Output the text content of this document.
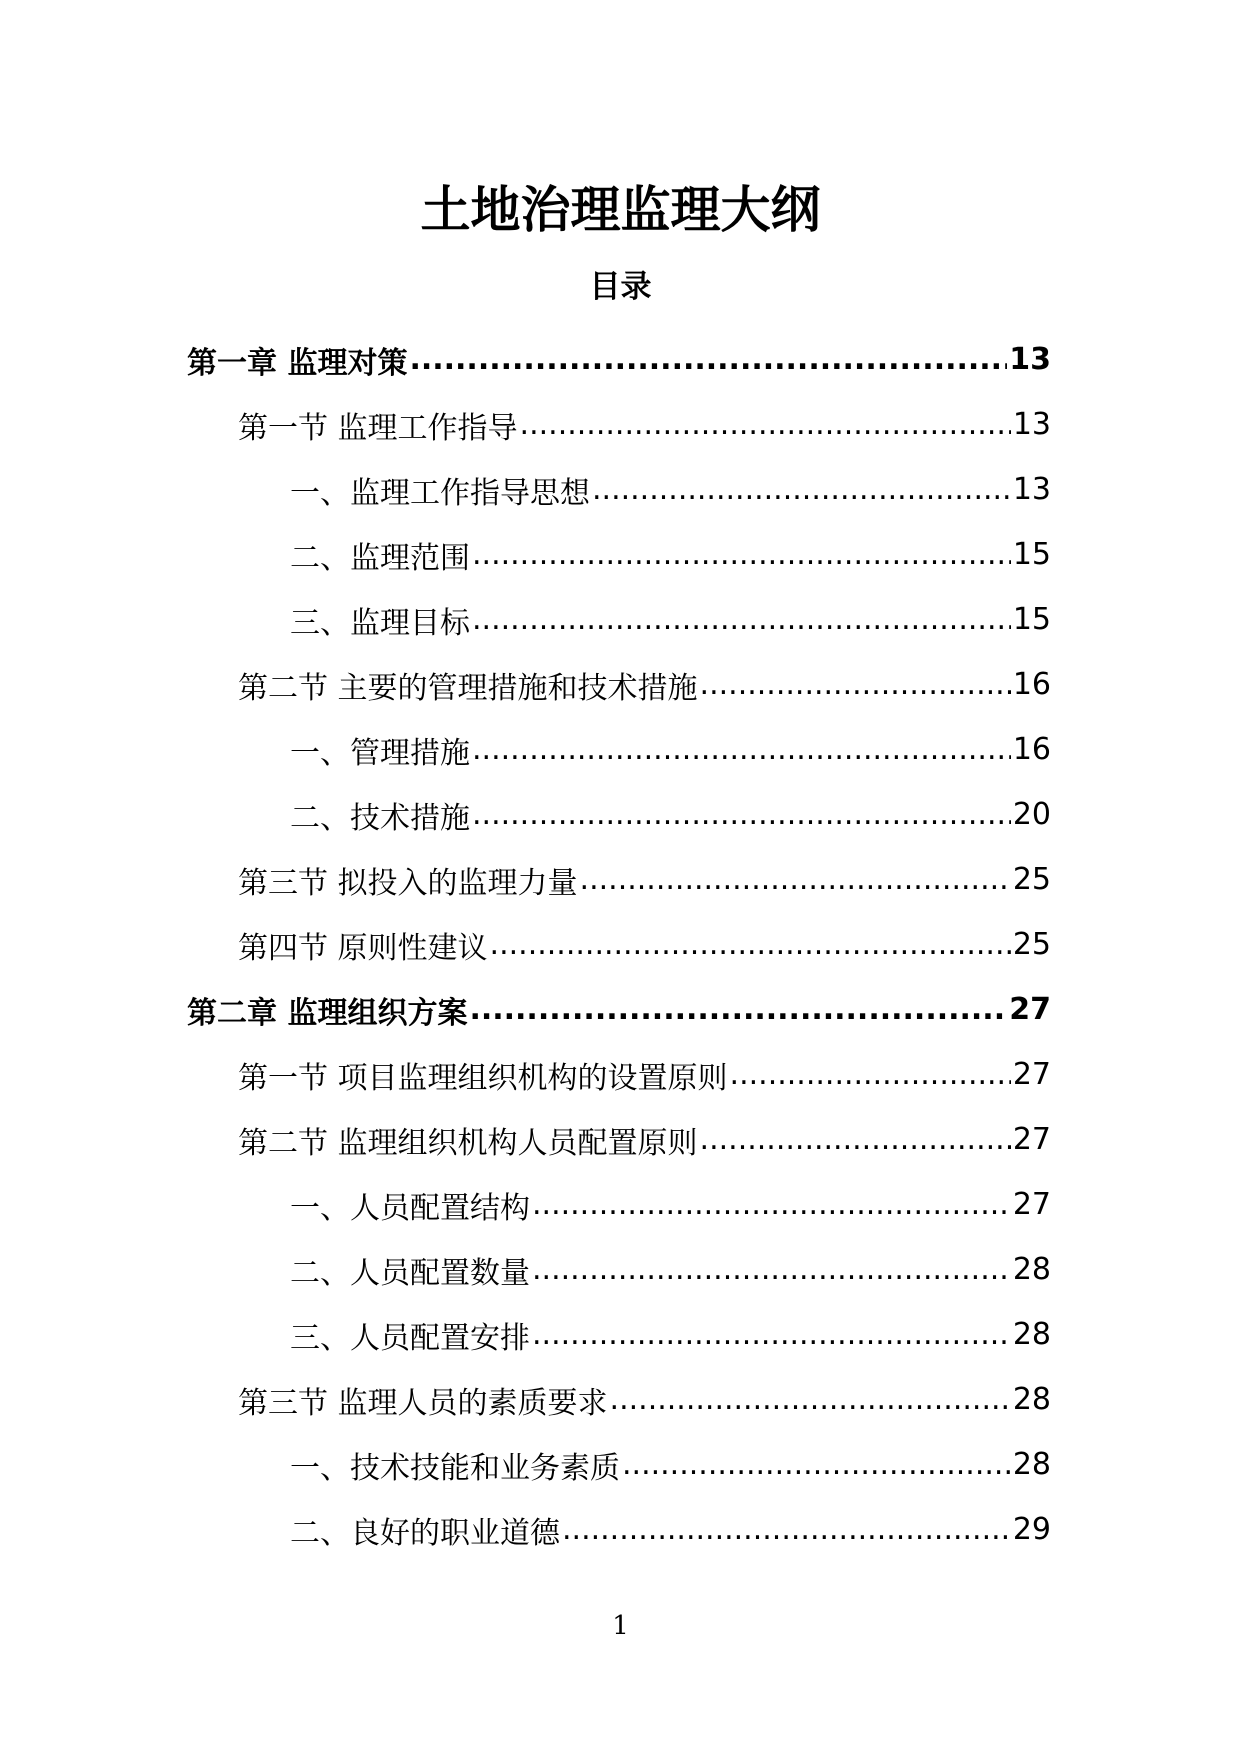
土地治理监理大纲
目录
第一章 监理对策 .....	13
第一节 监理工作指导 .....	13
一、监理工作指导思想 .....	13
二、监理范围 .....	15
三、监理目标 .....	15
第二节 主要的管理措施和技术措施 .....	16
一、管理措施 .....	16
二、技术措施 .....	20
第三节 拟投入的监理力量 .....	25
第四节 原则性建议 .....	25
第二章 监理组织方案 .....	27
第一节 项目监理组织机构的设置原则 .....	27
第二节 监理组织机构人员配置原则 .....	27
一、人员配置结构 .....	27
二、人员配置数量 .....	28
三、人员配置安排 .....	28
第三节 监理人员的素质要求 .....	28
一、技术技能和业务素质 .....	28
二、良好的职业道德 .....	29
1
